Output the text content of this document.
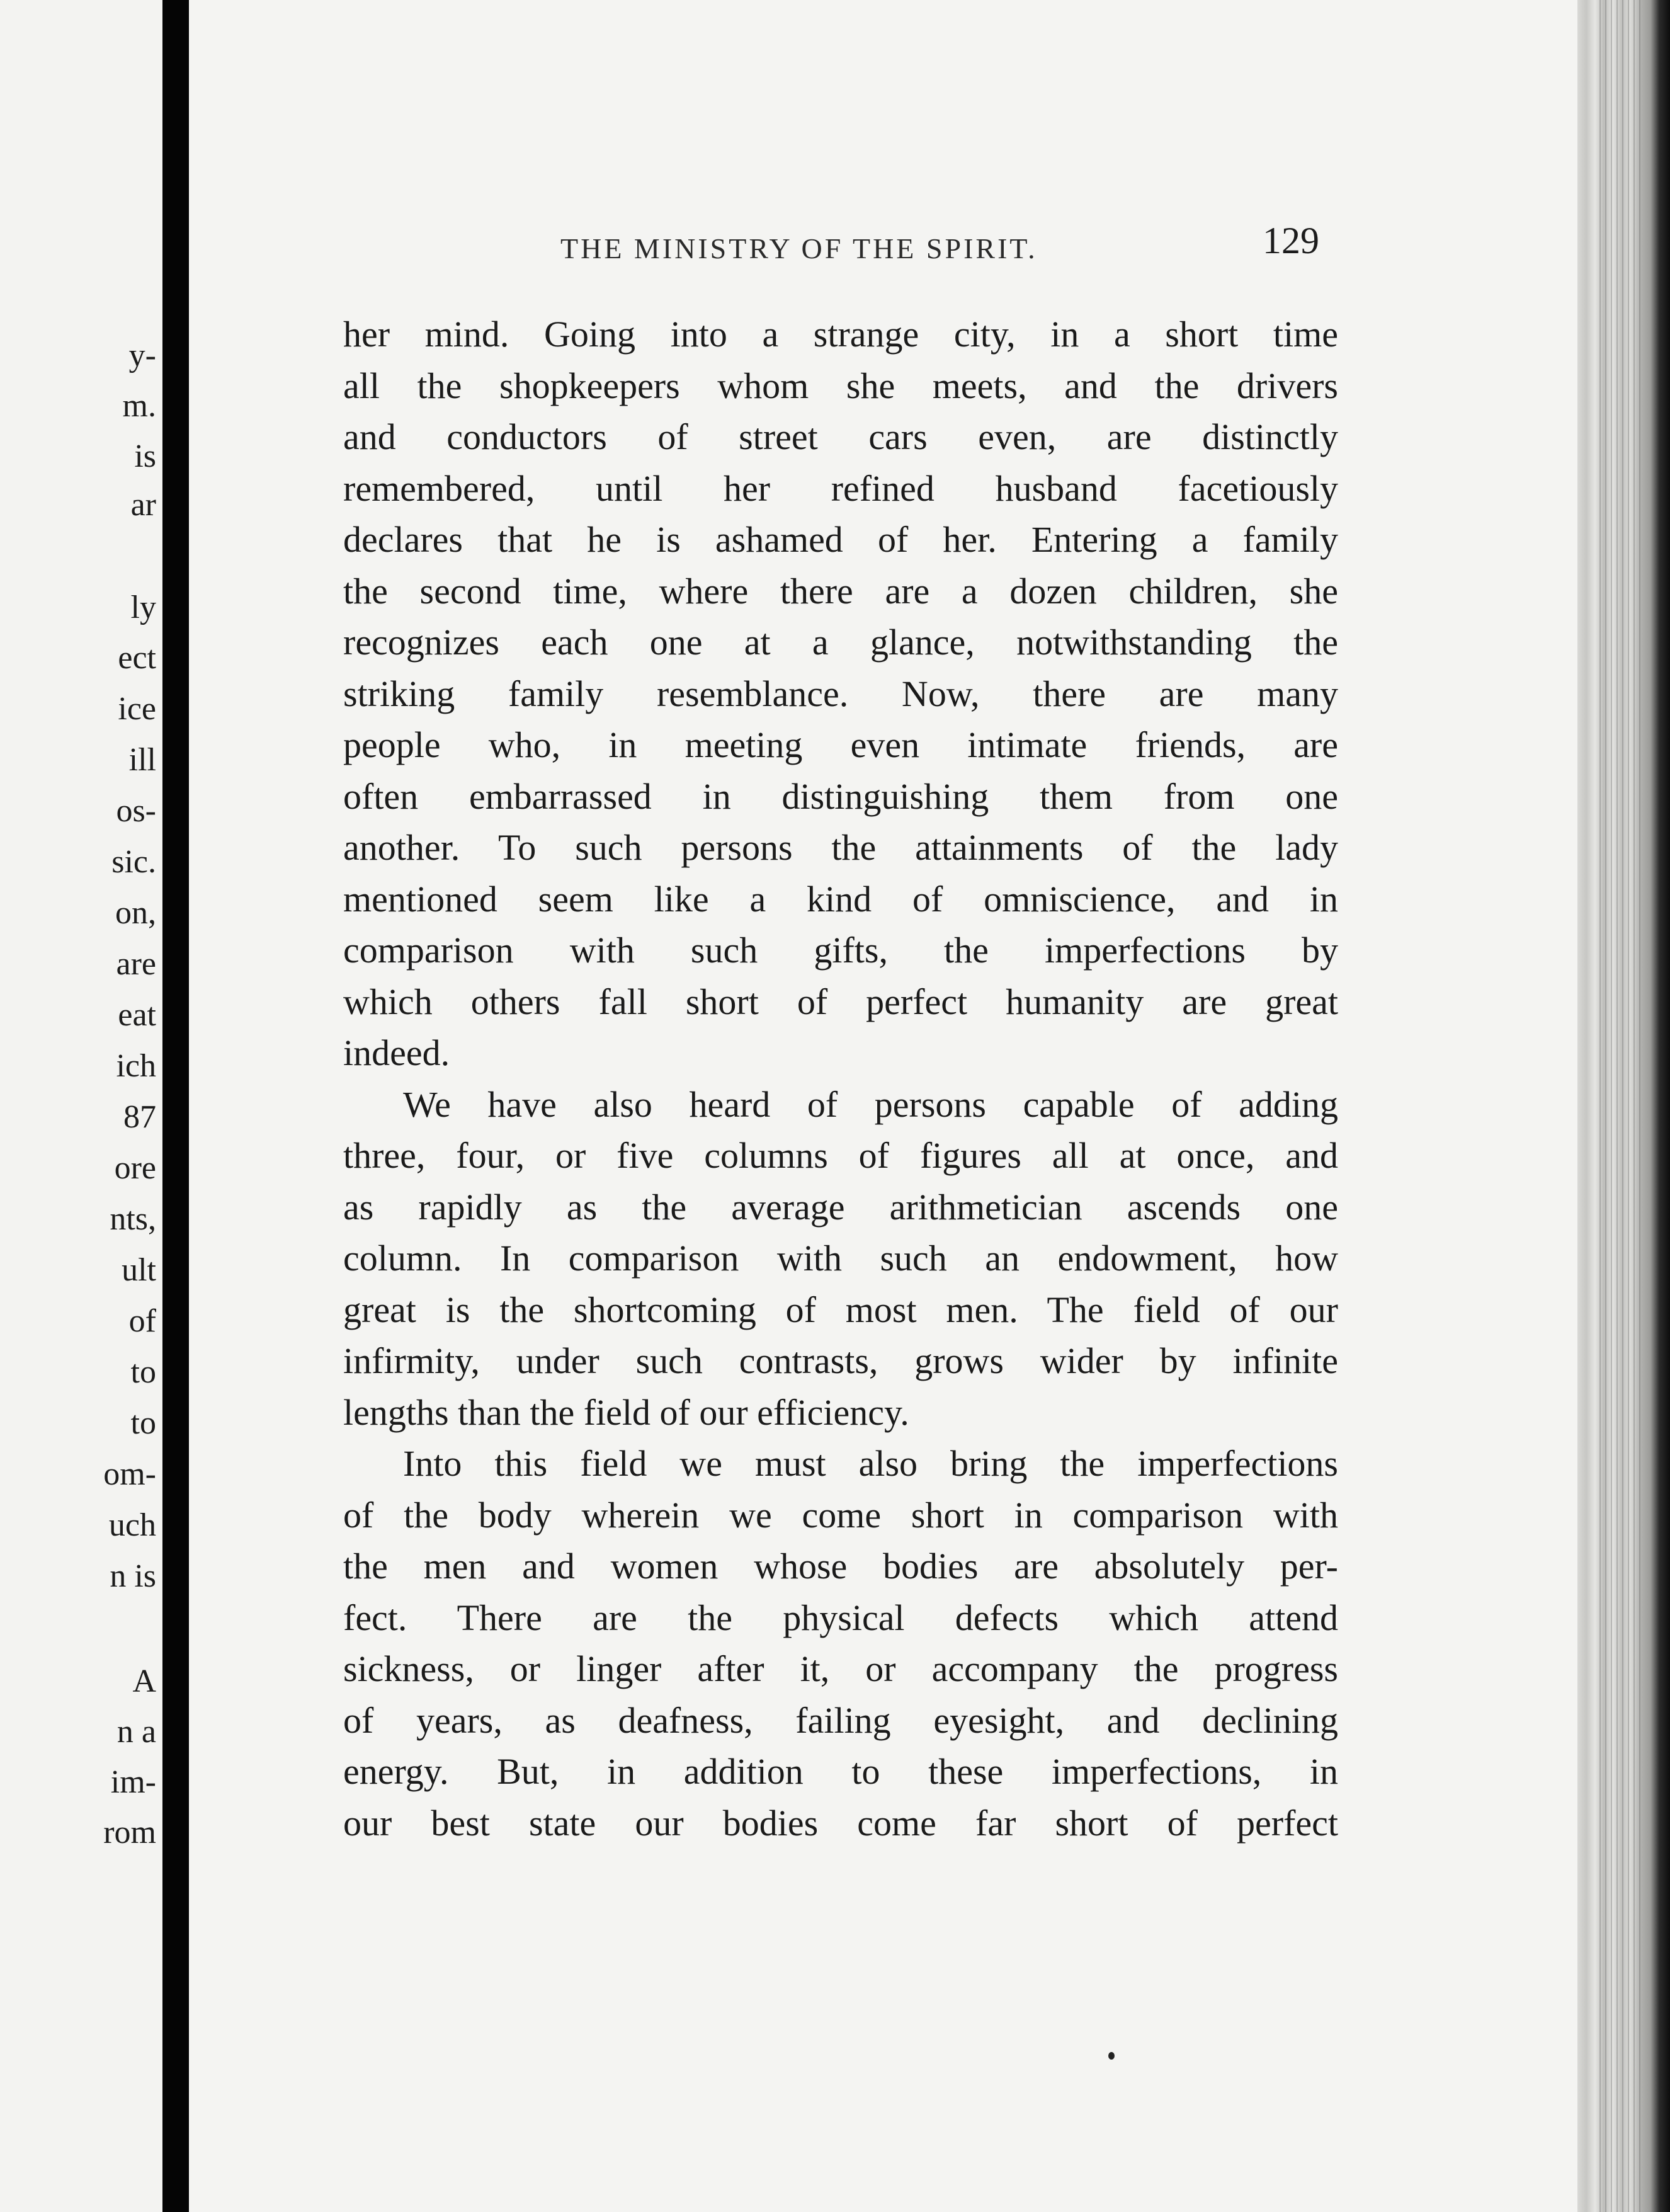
y-
m.
is
ar
ly
ect
ice
ill
os-
sic.
on,
are
eat
ich
87
ore
nts,
ult
of
to
to
om-
uch
n is
A
n a
im-
rom
THE MINISTRY OF THE SPIRIT.	129
her mind. Going into a strange city, in a short time
all the shopkeepers whom she meets, and the drivers
and conductors of street cars even, are distinctly
remembered, until her refined husband facetiously
declares that he is ashamed of her. Entering a family
the second time, where there are a dozen children, she
recognizes each one at a glance, notwithstanding the
striking family resemblance. Now, there are many
people who, in meeting even intimate friends, are
often embarrassed in distinguishing them from one
another. To such persons the attainments of the lady
mentioned seem like a kind of omniscience, and in
comparison with such gifts, the imperfections by
which others fall short of perfect humanity are great
indeed.
We have also heard of persons capable of adding
three, four, or five columns of figures all at once, and
as rapidly as the average arithmetician ascends one
column. In comparison with such an endowment, how
great is the shortcoming of most men. The field of our
infirmity, under such contrasts, grows wider by infinite
lengths than the field of our efficiency.
Into this field we must also bring the imperfections
of the body wherein we come short in comparison with
the men and women whose bodies are absolutely per-
fect. There are the physical defects which attend
sickness, or linger after it, or accompany the progress
of years, as deafness, failing eyesight, and declining
energy. But, in addition to these imperfections, in
our best state our bodies come far short of perfect
